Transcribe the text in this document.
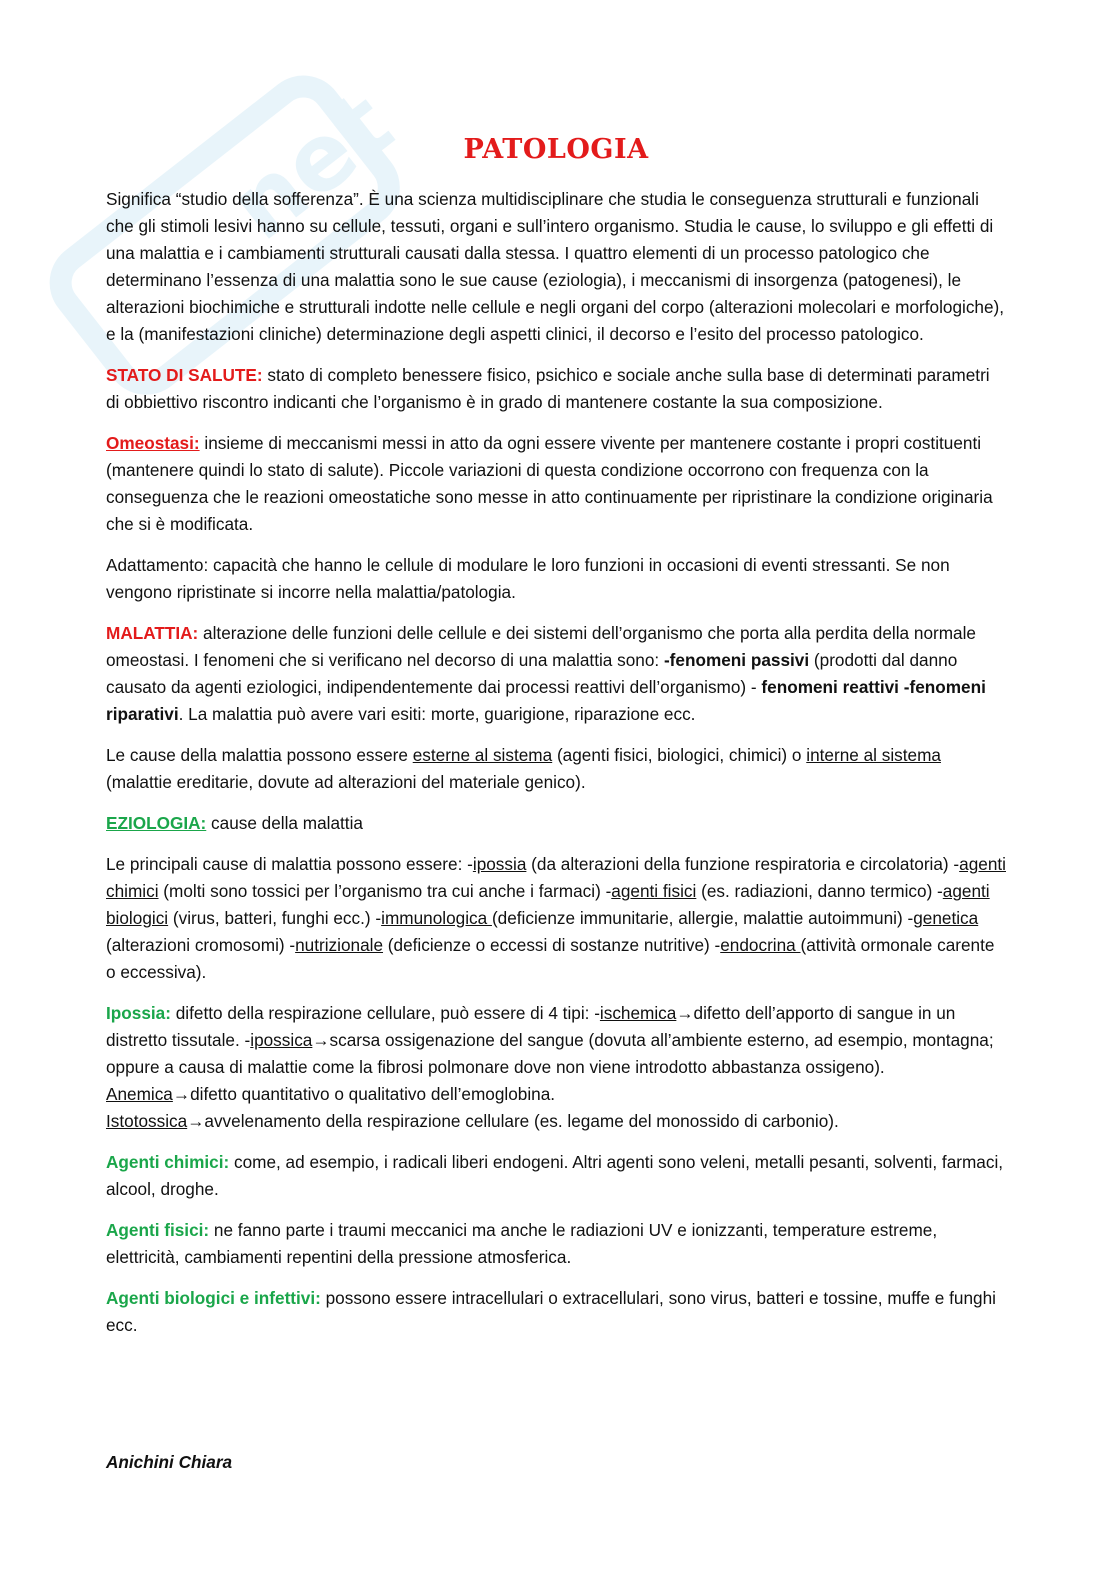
net	PATOLOGIA

Significa “studio della sofferenza”. È una scienza multidisciplinare che studia le conseguenza strutturali e funzionali che gli stimoli lesivi hanno su cellule, tessuti, organi e sull’intero organismo. Studia le cause, lo sviluppo e gli effetti di una malattia e i cambiamenti strutturali causati dalla stessa. I quattro elementi di un processo patologico che determinano l’essenza di una malattia sono le sue cause (eziologia), i meccanismi di insorgenza (patogenesi), le alterazioni biochimiche e strutturali indotte nelle cellule e negli organi del corpo (alterazioni molecolari e morfologiche), e la (manifestazioni cliniche) determinazione degli aspetti clinici, il decorso e l’esito del processo patologico.

STATO DI SALUTE: stato di completo benessere fisico, psichico e sociale anche sulla base di determinati parametri di obbiettivo riscontro indicanti che l’organismo è in grado di mantenere costante la sua composizione.

Omeostasi: insieme di meccanismi messi in atto da ogni essere vivente per mantenere costante i propri costituenti (mantenere quindi lo stato di salute). Piccole variazioni di questa condizione occorrono con frequenza con la conseguenza che le reazioni omeostatiche sono messe in atto continuamente per ripristinare la condizione originaria che si è modificata.

Adattamento: capacità che hanno le cellule di modulare le loro funzioni in occasioni di eventi stressanti. Se non vengono ripristinate si incorre nella malattia/patologia.

MALATTIA: alterazione delle funzioni delle cellule e dei sistemi dell’organismo che porta alla perdita della normale omeostasi. I fenomeni che si verificano nel decorso di una malattia sono: -fenomeni passivi (prodotti dal danno causato da agenti eziologici, indipendentemente dai processi reattivi dell’organismo) - fenomeni reattivi -fenomeni riparativi. La malattia può avere vari esiti: morte, guarigione, riparazione ecc.

Le cause della malattia possono essere esterne al sistema (agenti fisici, biologici, chimici) o interne al sistema (malattie ereditarie, dovute ad alterazioni del materiale genico).

EZIOLOGIA: cause della malattia

Le principali cause di malattia possono essere: -ipossia (da alterazioni della funzione respiratoria e circolatoria) -agenti chimici (molti sono tossici per l’organismo tra cui anche i farmaci) -agenti fisici (es. radiazioni, danno termico) -agenti biologici (virus, batteri, funghi ecc.) -immunologica (deficienze immunitarie, allergie, malattie autoimmuni) -genetica (alterazioni cromosomi) -nutrizionale (deficienze o eccessi di sostanze nutritive) -endocrina (attività ormonale carente o eccessiva).

Ipossia: difetto della respirazione cellulare, può essere di 4 tipi: -ischemica→difetto dell’apporto di sangue in un distretto tissutale. -ipossica→scarsa ossigenazione del sangue (dovuta all’ambiente esterno, ad esempio, montagna; oppure a causa di malattie come la fibrosi polmonare dove non viene introdotto abbastanza ossigeno). Anemica→difetto quantitativo o qualitativo dell’emoglobina.
Istotossica→avvelenamento della respirazione cellulare (es. legame del monossido di carbonio).

Agenti chimici: come, ad esempio, i radicali liberi endogeni. Altri agenti sono veleni, metalli pesanti, solventi, farmaci, alcool, droghe.

Agenti fisici: ne fanno parte i traumi meccanici ma anche le radiazioni UV e ionizzanti, temperature estreme, elettricità, cambiamenti repentini della pressione atmosferica.

Agenti biologici e infettivi: possono essere intracellulari o extracellulari, sono virus, batteri e tossine, muffe e funghi ecc.

Anichini Chiara
